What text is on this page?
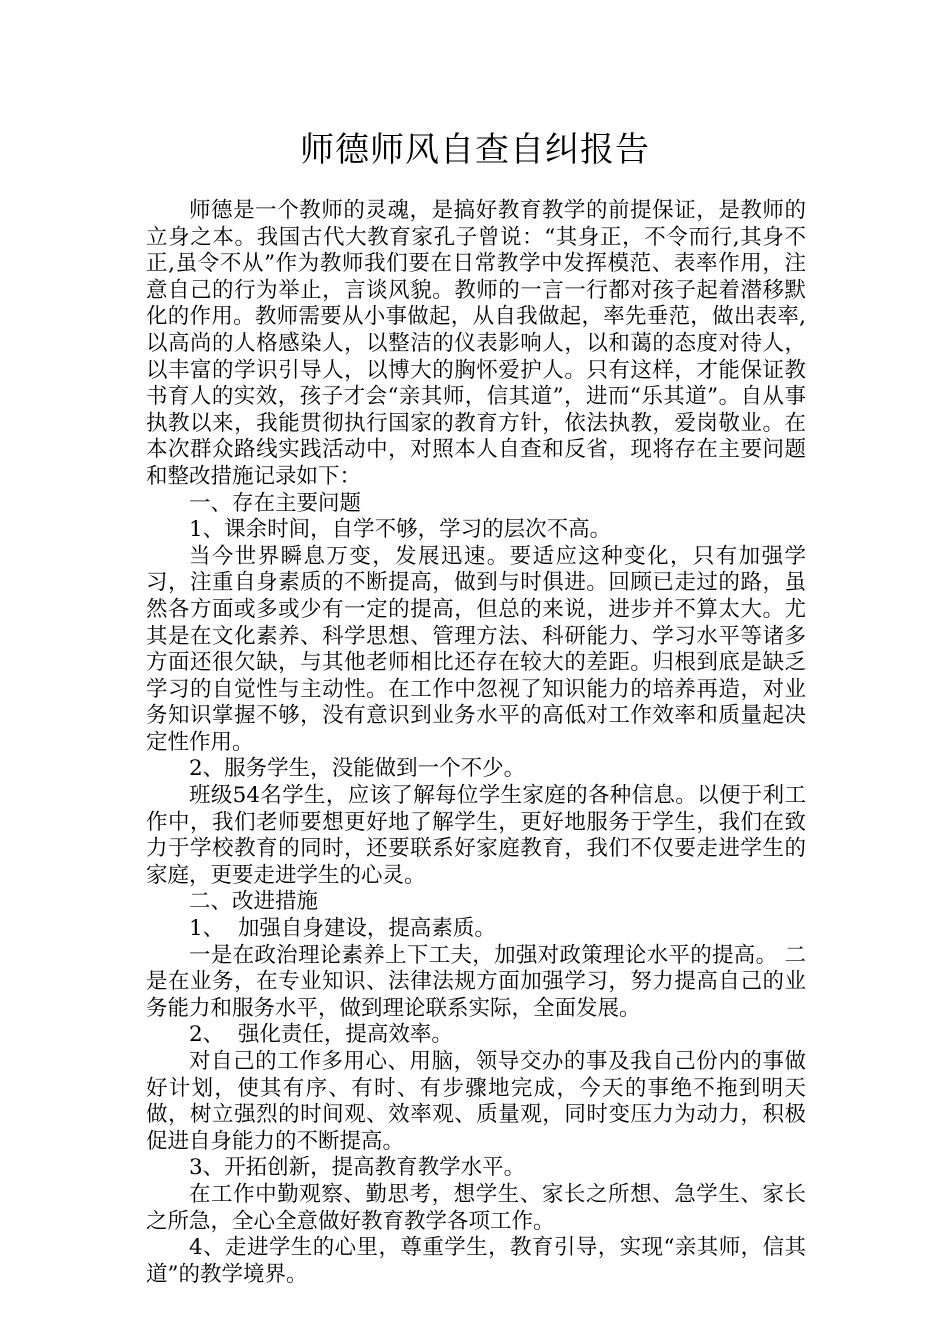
师德师风自查自纠报告

师德是一个教师的灵魂，是搞好教育教学的前提保证，是教师的立身之本。我国古代大教育家孔子曾说：“其身正，不令而行,其身不正,虽令不从”作为教师我们要在日常教学中发挥模范、表率作用，注意自己的行为举止，言谈风貌。教师的一言一行都对孩子起着潜移默化的作用。教师需要从小事做起，从自我做起，率先垂范，做出表率,以高尚的人格感染人，以整洁的仪表影响人，以和蔼的态度对待人，以丰富的学识引导人，以博大的胸怀爱护人。只有这样，才能保证教书育人的实效，孩子才会“亲其师，信其道”，进而“乐其道”。自从事执教以来，我能贯彻执行国家的教育方针，依法执教，爱岗敬业。在本次群众路线实践活动中，对照本人自查和反省，现将存在主要问题和整改措施记录如下：

一、存在主要问题

1、课余时间，自学不够，学习的层次不高。

当今世界瞬息万变，发展迅速。要适应这种变化，只有加强学习，注重自身素质的不断提高，做到与时俱进。回顾已走过的路，虽然各方面或多或少有一定的提高，但总的来说，进步并不算太大。尤其是在文化素养、科学思想、管理方法、科研能力、学习水平等诸多方面还很欠缺，与其他老师相比还存在较大的差距。归根到底是缺乏学习的自觉性与主动性。在工作中忽视了知识能力的培养再造，对业务知识掌握不够，没有意识到业务水平的高低对工作效率和质量起决定性作用。

2、服务学生，没能做到一个不少。

班级54名学生，应该了解每位学生家庭的各种信息。以便于利工作中，我们老师要想更好地了解学生，更好地服务于学生，我们在致力于学校教育的同时，还要联系好家庭教育，我们不仅要走进学生的家庭，更要走进学生的心灵。

二、改进措施

1、  加强自身建设，提高素质。

一是在政治理论素养上下工夫，加强对政策理论水平的提高。 二是在业务，在专业知识、法律法规方面加强学习，努力提高自己的业务能力和服务水平，做到理论联系实际，全面发展。

2、  强化责任，提高效率。

对自己的工作多用心、用脑，领导交办的事及我自己份内的事做好计划，使其有序、有时、有步骤地完成，今天的事绝不拖到明天做，树立强烈的时间观、效率观、质量观，同时变压力为动力，积极促进自身能力的不断提高。

3、开拓创新，提高教育教学水平。

在工作中勤观察、勤思考，想学生、家长之所想、急学生、家长之所急，全心全意做好教育教学各项工作。

4、走进学生的心里，尊重学生，教育引导，实现“亲其师，信其道”的教学境界。
